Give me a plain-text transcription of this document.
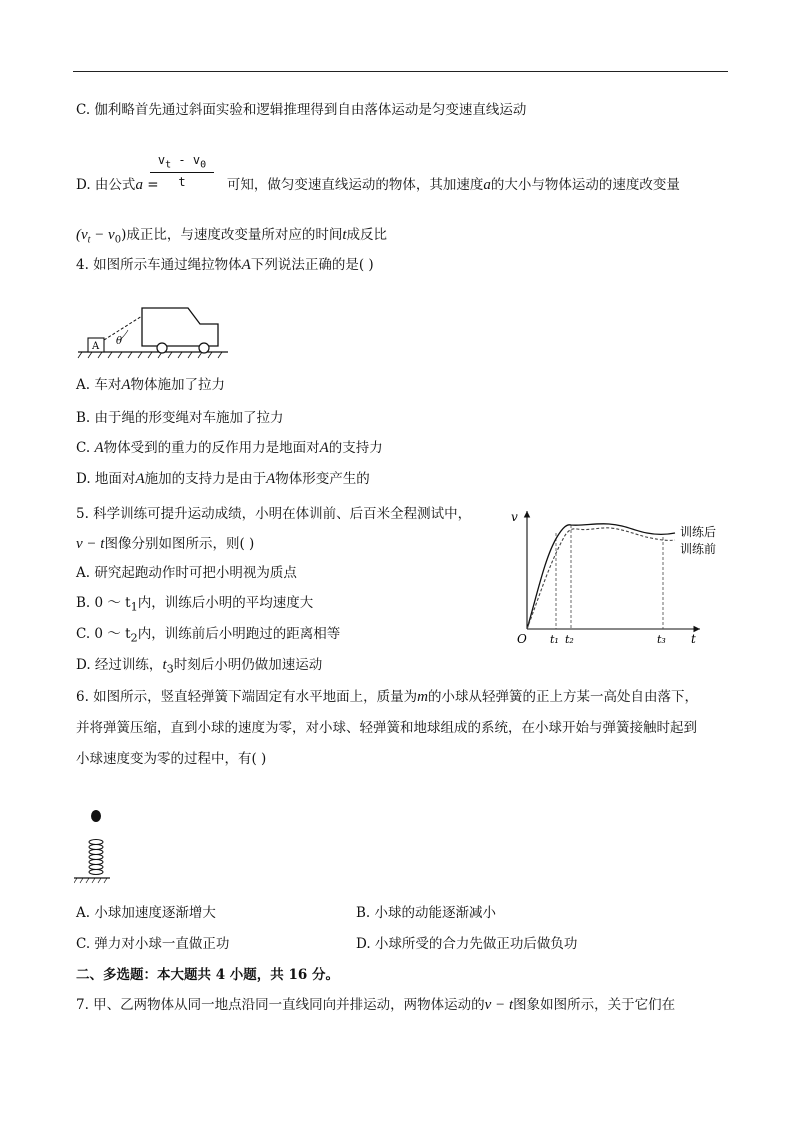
C. 伽利略首先通过斜面实验和逻辑推理得到自由落体运动是匀变速直线运动
D. 由公式a =	可知，做匀变速直线运动的物体，其加速度a的大小与物体运动的速度改变量
$v_t - v_0$
t
$(v_t - v_0)$成正比，与速度改变量所对应的时间t成反比
4. 如图所示车通过绳拉物体A下列说法正确的是( )
A θ
A. 车对A物体施加了拉力
B. 由于绳的形变绳对车施加了拉力
C. A物体受到的重力的反作用力是地面对A的支持力
D. 地面对A施加的支持力是由于A物体形变产生的
5. 科学训练可提升运动成绩，小明在体训前、后百米全程测试中，
v − t图像分别如图所示，则( )
A. 研究起跑动作时可把小明视为质点
B. 0 ～ $t_1$内，训练后小明的平均速度大
C. 0 ～ $t_2$内，训练前后小明跑过的距离相等
D. 经过训练，$t_3$时刻后小明仍做加速运动
v
t
O t₁ t₂	t₃
训练后
训练前
6. 如图所示，竖直轻弹簧下端固定有水平地面上，质量为m的小球从轻弹簧的正上方某一高处自由落下，
并将弹簧压缩，直到小球的速度为零，对小球、轻弹簧和地球组成的系统，在小球开始与弹簧接触时起到
小球速度变为零的过程中，有( )
A. 小球加速度逐渐增大	B. 小球的动能逐渐减小
C. 弹力对小球一直做正功	D. 小球所受的合力先做正功后做负功
二、多选题：本大题共 4 小题，共 16 分。
7. 甲、乙两物体从同一地点沿同一直线同向并排运动，两物体运动的v − t图象如图所示，关于它们在
